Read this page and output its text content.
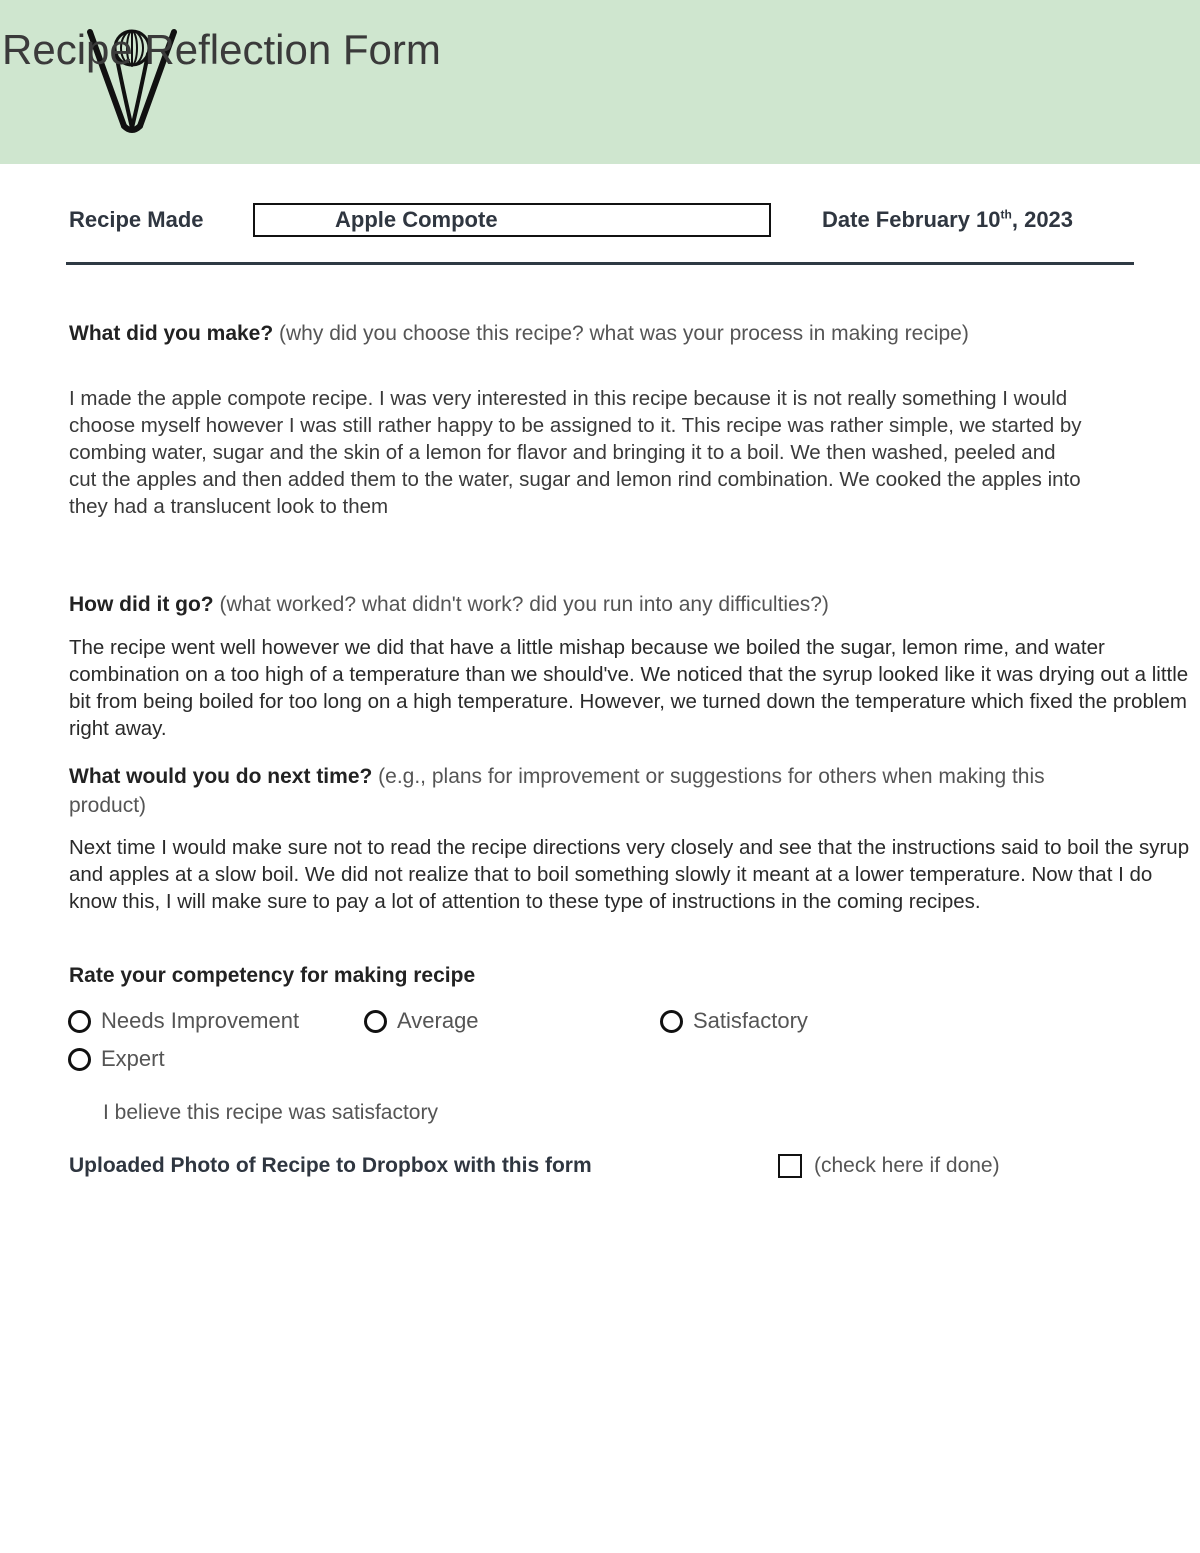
Recipe Reflection Form
Recipe Made	Apple Compote	Date February 10th, 2023
What did you make? (why did you choose this recipe? what was your process in making recipe)
I made the apple compote recipe. I was very interested in this recipe because it is not really something I would choose myself however I was still rather happy to be assigned to it. This recipe was rather simple, we started by combing water, sugar and the skin of a lemon for flavor and bringing it to a boil. We then washed, peeled and cut the apples and then added them to the water, sugar and lemon rind combination. We cooked the apples into they had a translucent look to them
How did it go? (what worked? what didn't work? did you run into any difficulties?)
The recipe went well however we did that have a little mishap because we boiled the sugar, lemon rime, and water combination on a too high of a temperature than we should've. We noticed that the syrup looked like it was drying out a little bit from being boiled for too long on a high temperature. However, we turned down the temperature which fixed the problem right away.
What would you do next time? (e.g., plans for improvement or suggestions for others when making this product)
Next time I would make sure not to read the recipe directions very closely and see that the instructions said to boil the syrup and apples at a slow boil. We did not realize that to boil something slowly it meant at a lower temperature. Now that I do know this, I will make sure to pay a lot of attention to these type of instructions in the coming recipes.
Rate your competency for making recipe
Needs Improvement	Average	Satisfactory
Expert
I believe this recipe was satisfactory
Uploaded Photo of Recipe to Dropbox with this form	(check here if done)
